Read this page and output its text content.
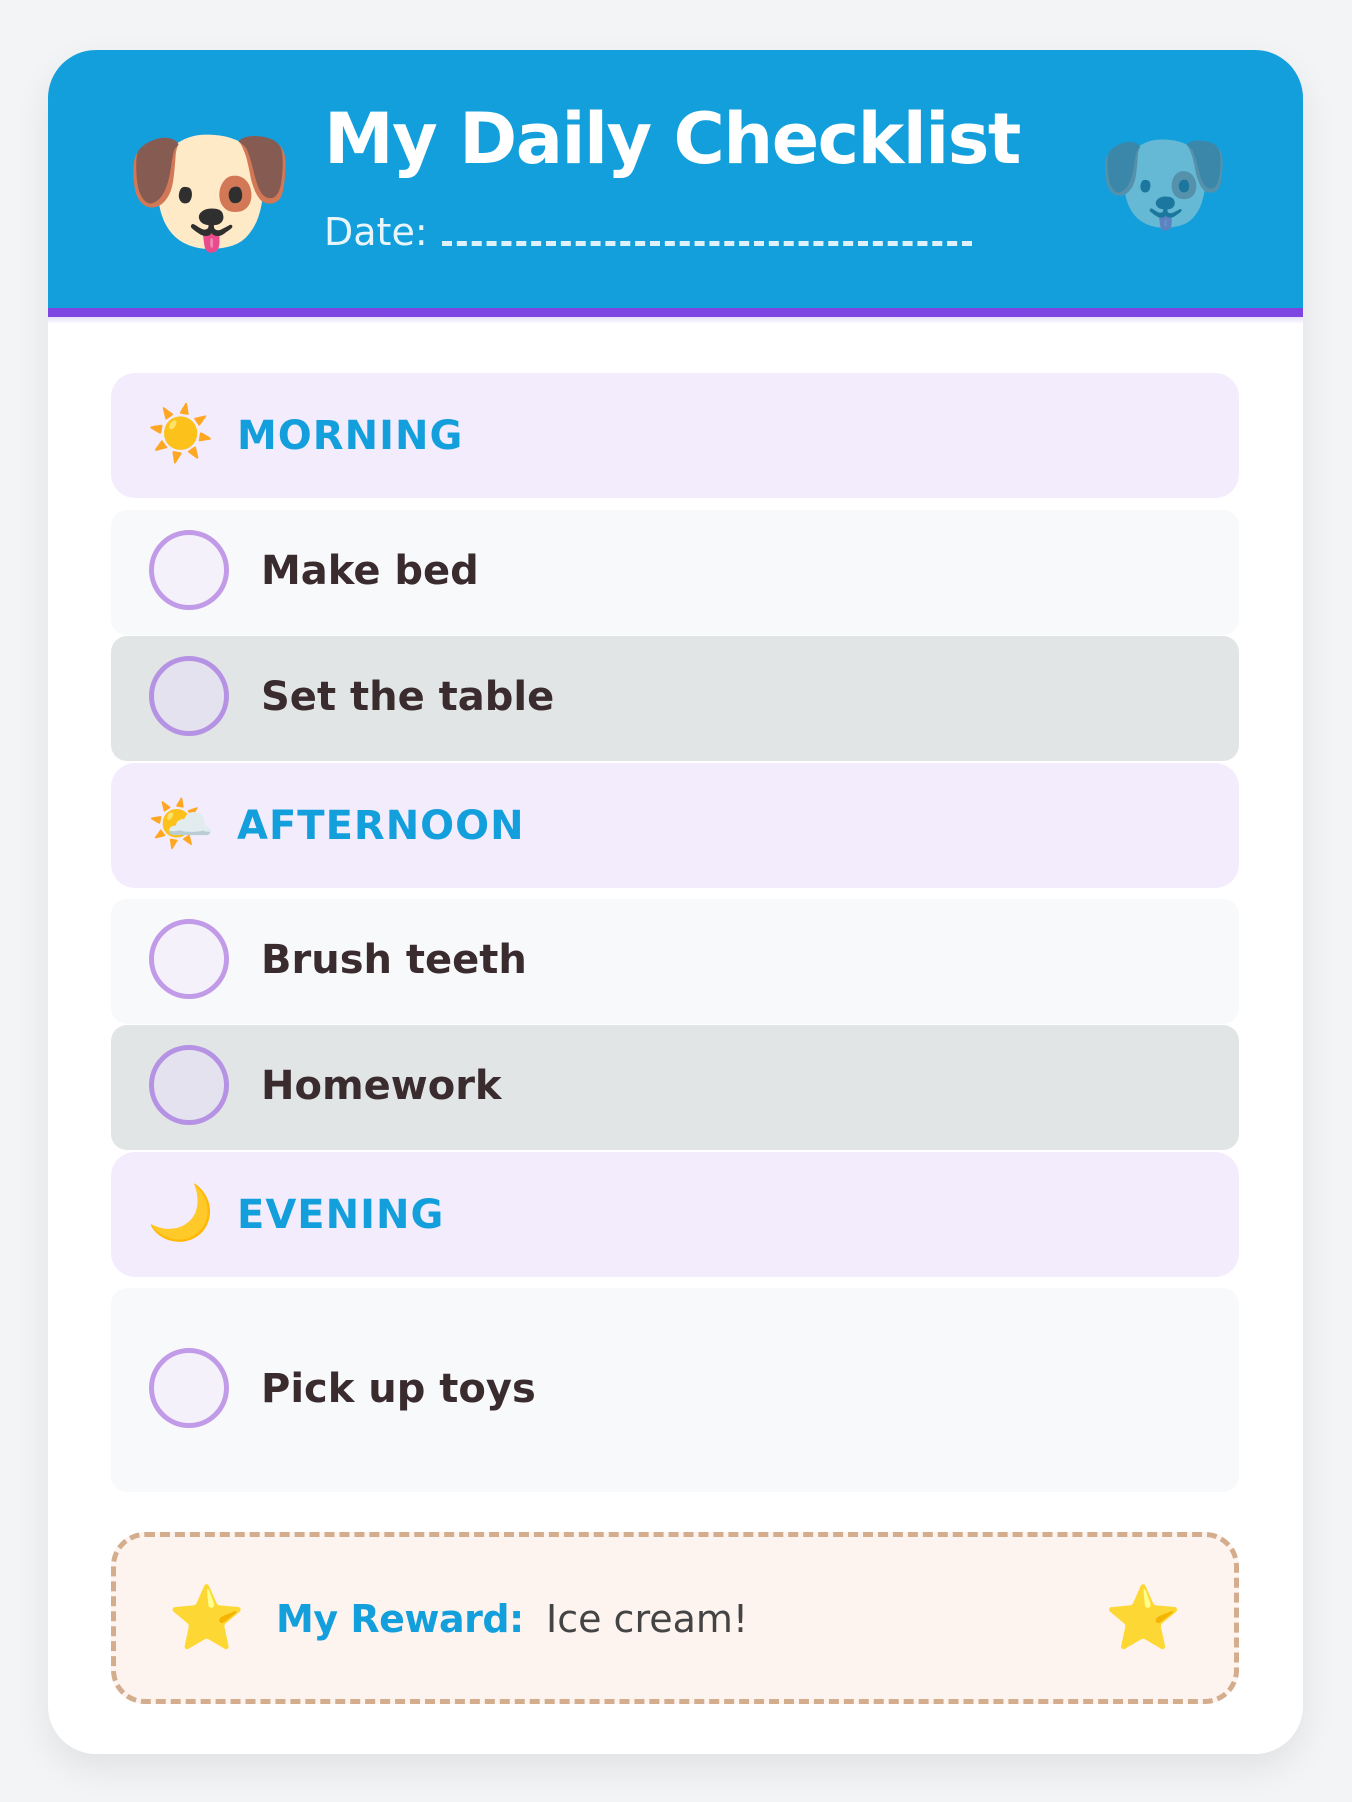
🐶 My Daily Checklist
Date:	🐶
☀️ MORNING
Make bed
Set the table
🌤️ AFTERNOON
Brush teeth
Homework
🌙 EVENING
Pick up toys
⭐ My Reward: Ice cream!	⭐
